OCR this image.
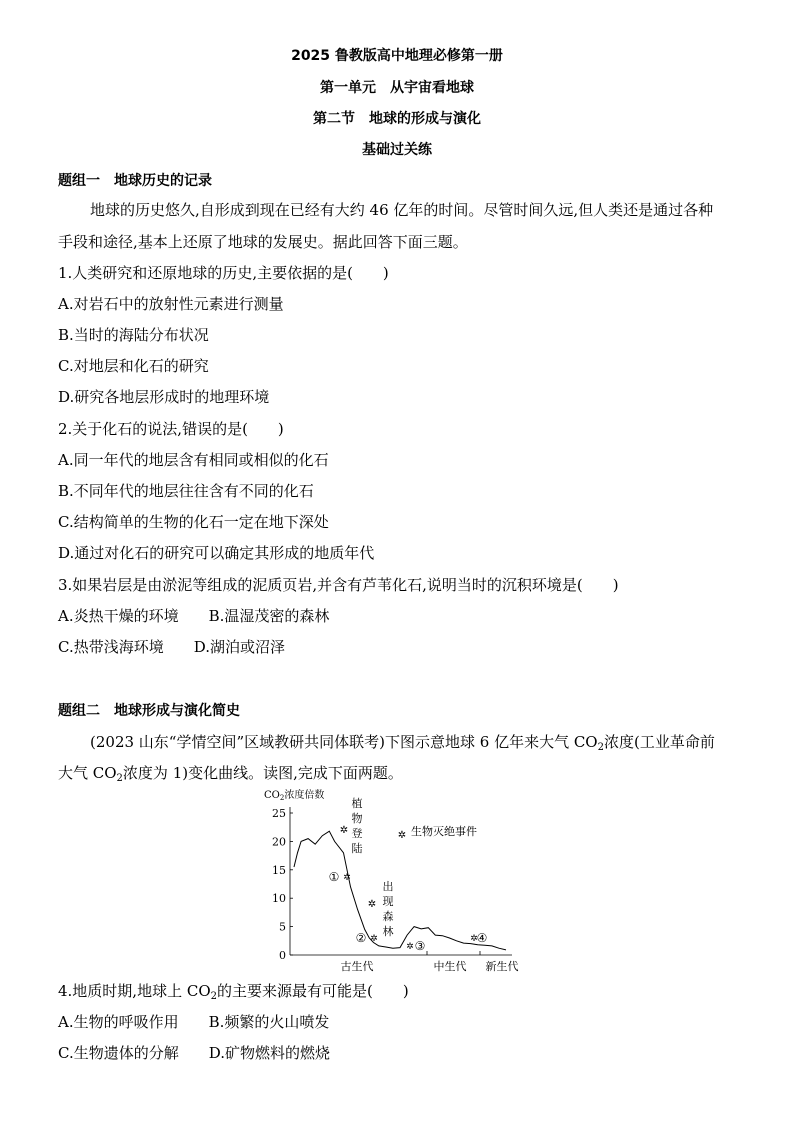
2025 鲁教版高中地理必修第一册
第一单元　从宇宙看地球
第二节　地球的形成与演化
基础过关练
题组一　地球历史的记录
地球的历史悠久,自形成到现在已经有大约 46 亿年的时间。尽管时间久远,但人类还是通过各种
手段和途径,基本上还原了地球的发展史。据此回答下面三题。
1.人类研究和还原地球的历史,主要依据的是(　　)
A.对岩石中的放射性元素进行测量
B.当时的海陆分布状况
C.对地层和化石的研究
D.研究各地层形成时的地理环境
2.关于化石的说法,错误的是(　　)
A.同一年代的地层含有相同或相似的化石
B.不同年代的地层往往含有不同的化石
C.结构简单的生物的化石一定在地下深处
D.通过对化石的研究可以确定其形成的地质年代
3.如果岩层是由淤泥等组成的泥质页岩,并含有芦苇化石,说明当时的沉积环境是(　　)
A.炎热干燥的环境　　B.温湿茂密的森林
C.热带浅海环境　　D.湖泊或沼泽
题组二　地球形成与演化简史
(2023 山东“学情空间”区域教研共同体联考)下图示意地球 6 亿年来大气 $CO_2$浓度(工业革命前
大气 $CO_2$浓度为 1)变化曲线。读图,完成下面两题。
$CO_2$浓度倍数
25
20
15
10
5
0
古生代	中生代 新生代
✲
✲
✲
① ✲
② ✲	③
✲
④
✲
植
物
登
陆
出
现
森
林
生物灭绝事件
4.地质时期,地球上 $CO_2$的主要来源最有可能是(　　)
A.生物的呼吸作用　　B.频繁的火山喷发
C.生物遗体的分解　　D.矿物燃料的燃烧
